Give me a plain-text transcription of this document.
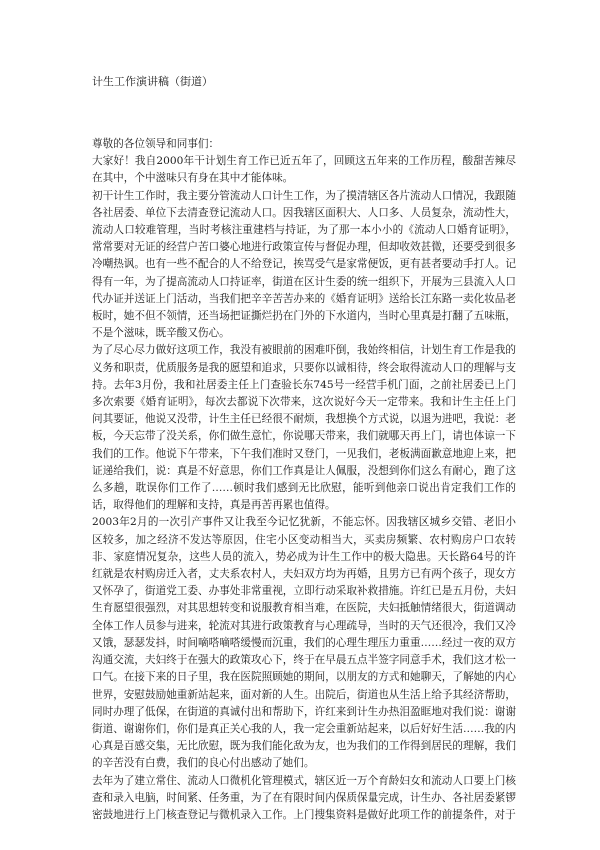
计生工作演讲稿（街道）

尊敬的各位领导和同事们：

大家好！我自2000年干计划生育工作已近五年了，回顾这五年来的工作历程，酸甜苦辣尽在其中，个中滋味只有身在其中才能体味。

初干计生工作时，我主要分管流动人口计生工作，为了摸清辖区各片流动人口情况，我跟随各社居委、单位下去清查登记流动人口。因我辖区面积大、人口多、人员复杂，流动性大，流动人口较难管理，当时考核注重建档与持证，为了那一本小小的《流动人口婚育证明》，常常要对无证的经营户苦口婆心地进行政策宣传与督促办理，但却收效甚微，还要受到很多冷嘲热讽。也有一些不配合的人不给登记，挨骂受气是家常便饭，更有甚者要动手打人。记得有一年，为了提高流动人口持证率，街道在区计生委的统一组织下，开展为三县流入人口代办证并送证上门活动，当我们把辛辛苦苦办来的《婚育证明》送给长江东路一卖化妆品老板时，她不但不领情，还当场把证撕烂扔在门外的下水道内，当时心里真是打翻了五味瓶，不是个滋味，既辛酸又伤心。

为了尽心尽力做好这项工作，我没有被眼前的困难吓倒，我始终相信，计划生育工作是我的义务和职责，优质服务是我的愿望和追求，只要你以诚相待，终会取得流动人口的理解与支持。去年3月份，我和社居委主任上门查验长东745号一经营手机门面，之前社居委已上门多次索要《婚育证明》，每次去都说下次带来，这次说好今天一定带来。我和计生主任上门问其要证，他说又没带，计生主任已经很不耐烦，我想换个方式说，以退为进吧，我说：老板，今天忘带了没关系，你们做生意忙，你说哪天带来，我们就哪天再上门，请也体谅一下我们的工作。他说下午带来，下午我们准时又登门，一见我们，老板满面歉意地迎上来，把证递给我们，说：真是不好意思，你们工作真是让人佩服，没想到你们这么有耐心，跑了这么多趟，耽误你们工作了……顿时我们感到无比欣慰，能听到他亲口说出肯定我们工作的话，取得他们的理解和支持，真是再苦再累也值得。

2003年2月的一次引产事件又让我至今记忆犹新，不能忘怀。因我辖区城乡交错、老旧小区较多，加之经济不发达等原因，住宅小区变动相当大，买卖房频繁、农村购房户口农转非、家庭情况复杂，这些人员的流入，势必成为计生工作中的极大隐患。天长路64号的许红就是农村购房迁入者，丈夫系农村人，夫妇双方均为再婚，且男方已有两个孩子，现女方又怀孕了，街道党工委、办事处非常重视，立即行动采取补救措施。许红已是五月份，夫妇生育愿望很强烈，对其思想转变和说服教育相当难，在医院，夫妇抵触情绪很大，街道调动全体工作人员参与进来，轮流对其进行政策教育与心理疏导，当时的天气还很冷，我们又冷又饿，瑟瑟发抖，时间嘀嗒嘀嗒缓慢而沉重，我们的心理生理压力重重……经过一夜的双方沟通交流，夫妇终于在强大的政策攻心下，终于在早晨五点半签字同意手术，我们这才松一口气。在接下来的日子里，我在医院照顾她的期间，以朋友的方式和她聊天，了解她的内心世界，安慰鼓励她重新站起来，面对新的人生。出院后，街道也从生活上给予其经济帮助，同时办理了低保，在街道的真诚付出和帮助下，许红来到计生办热泪盈眶地对我们说：谢谢街道、谢谢你们，你们是真正关心我的人，我一定会重新站起来，以后好好生活……我的内心真是百感交集，无比欣慰，既为我们能化敌为友，也为我们的工作得到居民的理解，我们的辛苦没有白费，我们的良心付出感动了她们。

去年为了建立常住、流动人口微机化管理模式，辖区近一万个育龄妇女和流动人口要上门核查和录入电脑，时间紧、任务重，为了在有限时间内保质保量完成，计生办、各社居委紧锣密鼓地进行上门核查登记与微机录入工作。上门搜集资料是做好此项工作的前提条件，对于
